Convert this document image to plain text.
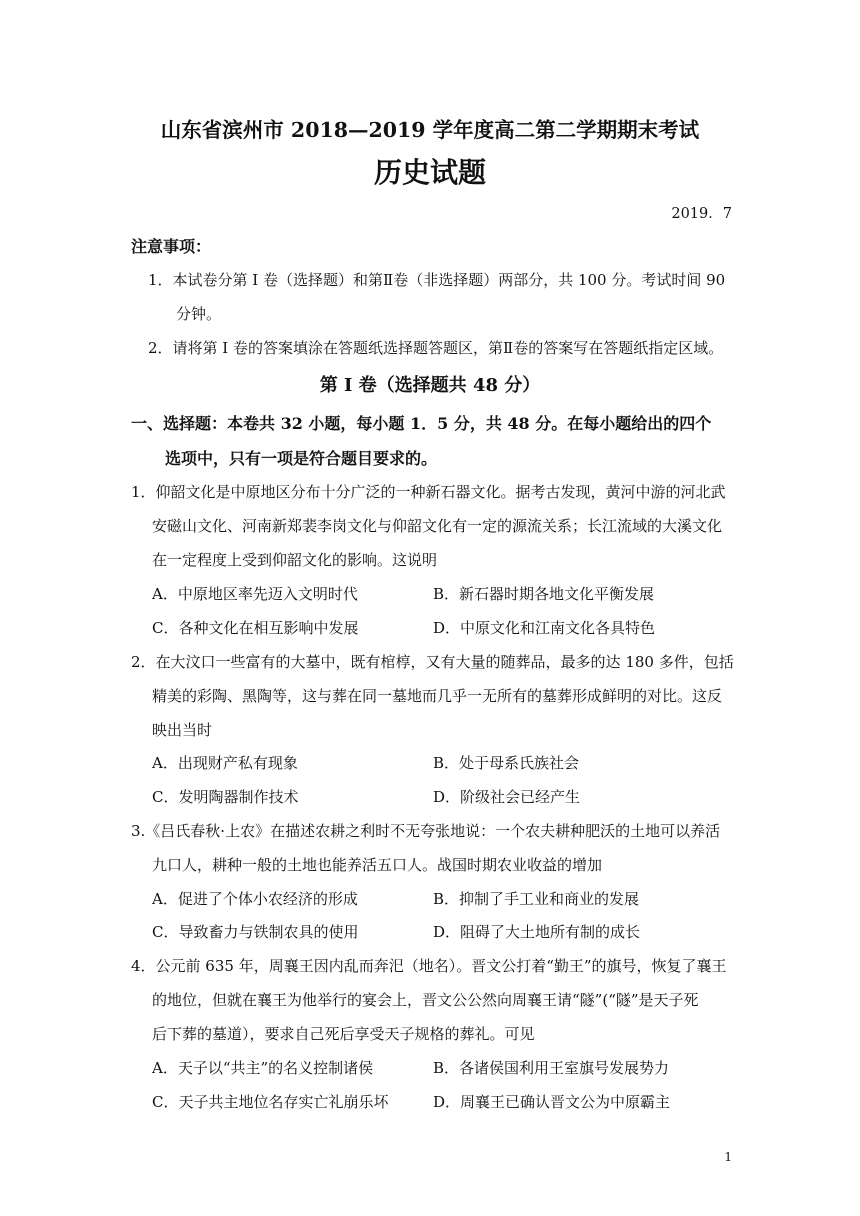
山东省滨州市 2018—2019 学年度高二第二学期期末考试
历史试题
2019．7
注意事项：
1．本试卷分第 I 卷（选择题）和第Ⅱ卷（非选择题）两部分，共 100 分。考试时间 90
分钟。
2．请将第 I 卷的答案填涂在答题纸选择题答题区，第Ⅱ卷的答案写在答题纸指定区域。
第 I 卷（选择题共 48 分）
一、选择题：本卷共 32 小题，每小题 1．5 分，共 48 分。在每小题给出的四个
选项中，只有一项是符合题目要求的。
1．仰韶文化是中原地区分布十分广泛的一种新石器文化。据考古发现，黄河中游的河北武
安磁山文化、河南新郑裴李岗文化与仰韶文化有一定的源流关系；长江流域的大溪文化
在一定程度上受到仰韶文化的影响。这说明
A．中原地区率先迈入文明时代	B．新石器时期各地文化平衡发展
C．各种文化在相互影响中发展	D．中原文化和江南文化各具特色
2．在大汶口一些富有的大墓中，既有棺椁，又有大量的随葬品，最多的达 180 多件，包括
精美的彩陶、黑陶等，这与葬在同一墓地而几乎一无所有的墓葬形成鲜明的对比。这反
映出当时
A．出现财产私有现象	B．处于母系氏族社会
C．发明陶器制作技术	D．阶级社会已经产生
3.《吕氏春秋·上农》在描述农耕之利时不无夸张地说：一个农夫耕种肥沃的土地可以养活
九口人，耕种一般的土地也能养活五口人。战国时期农业收益的增加
A．促进了个体小农经济的形成	B．抑制了手工业和商业的发展
C．导致畜力与铁制农具的使用	D．阻碍了大土地所有制的成长
4．公元前 635 年，周襄王因内乱而奔汜（地名）。晋文公打着“勤王”的旗号，恢复了襄王
的地位，但就在襄王为他举行的宴会上，晋文公公然向周襄王请“隧”(“隧”是天子死
后下葬的墓道），要求自己死后享受天子规格的葬礼。可见
A．天子以“共主”的名义控制诸侯	B．各诸侯国利用王室旗号发展势力
C．天子共主地位名存实亡礼崩乐坏	D．周襄王已确认晋文公为中原霸主
1
